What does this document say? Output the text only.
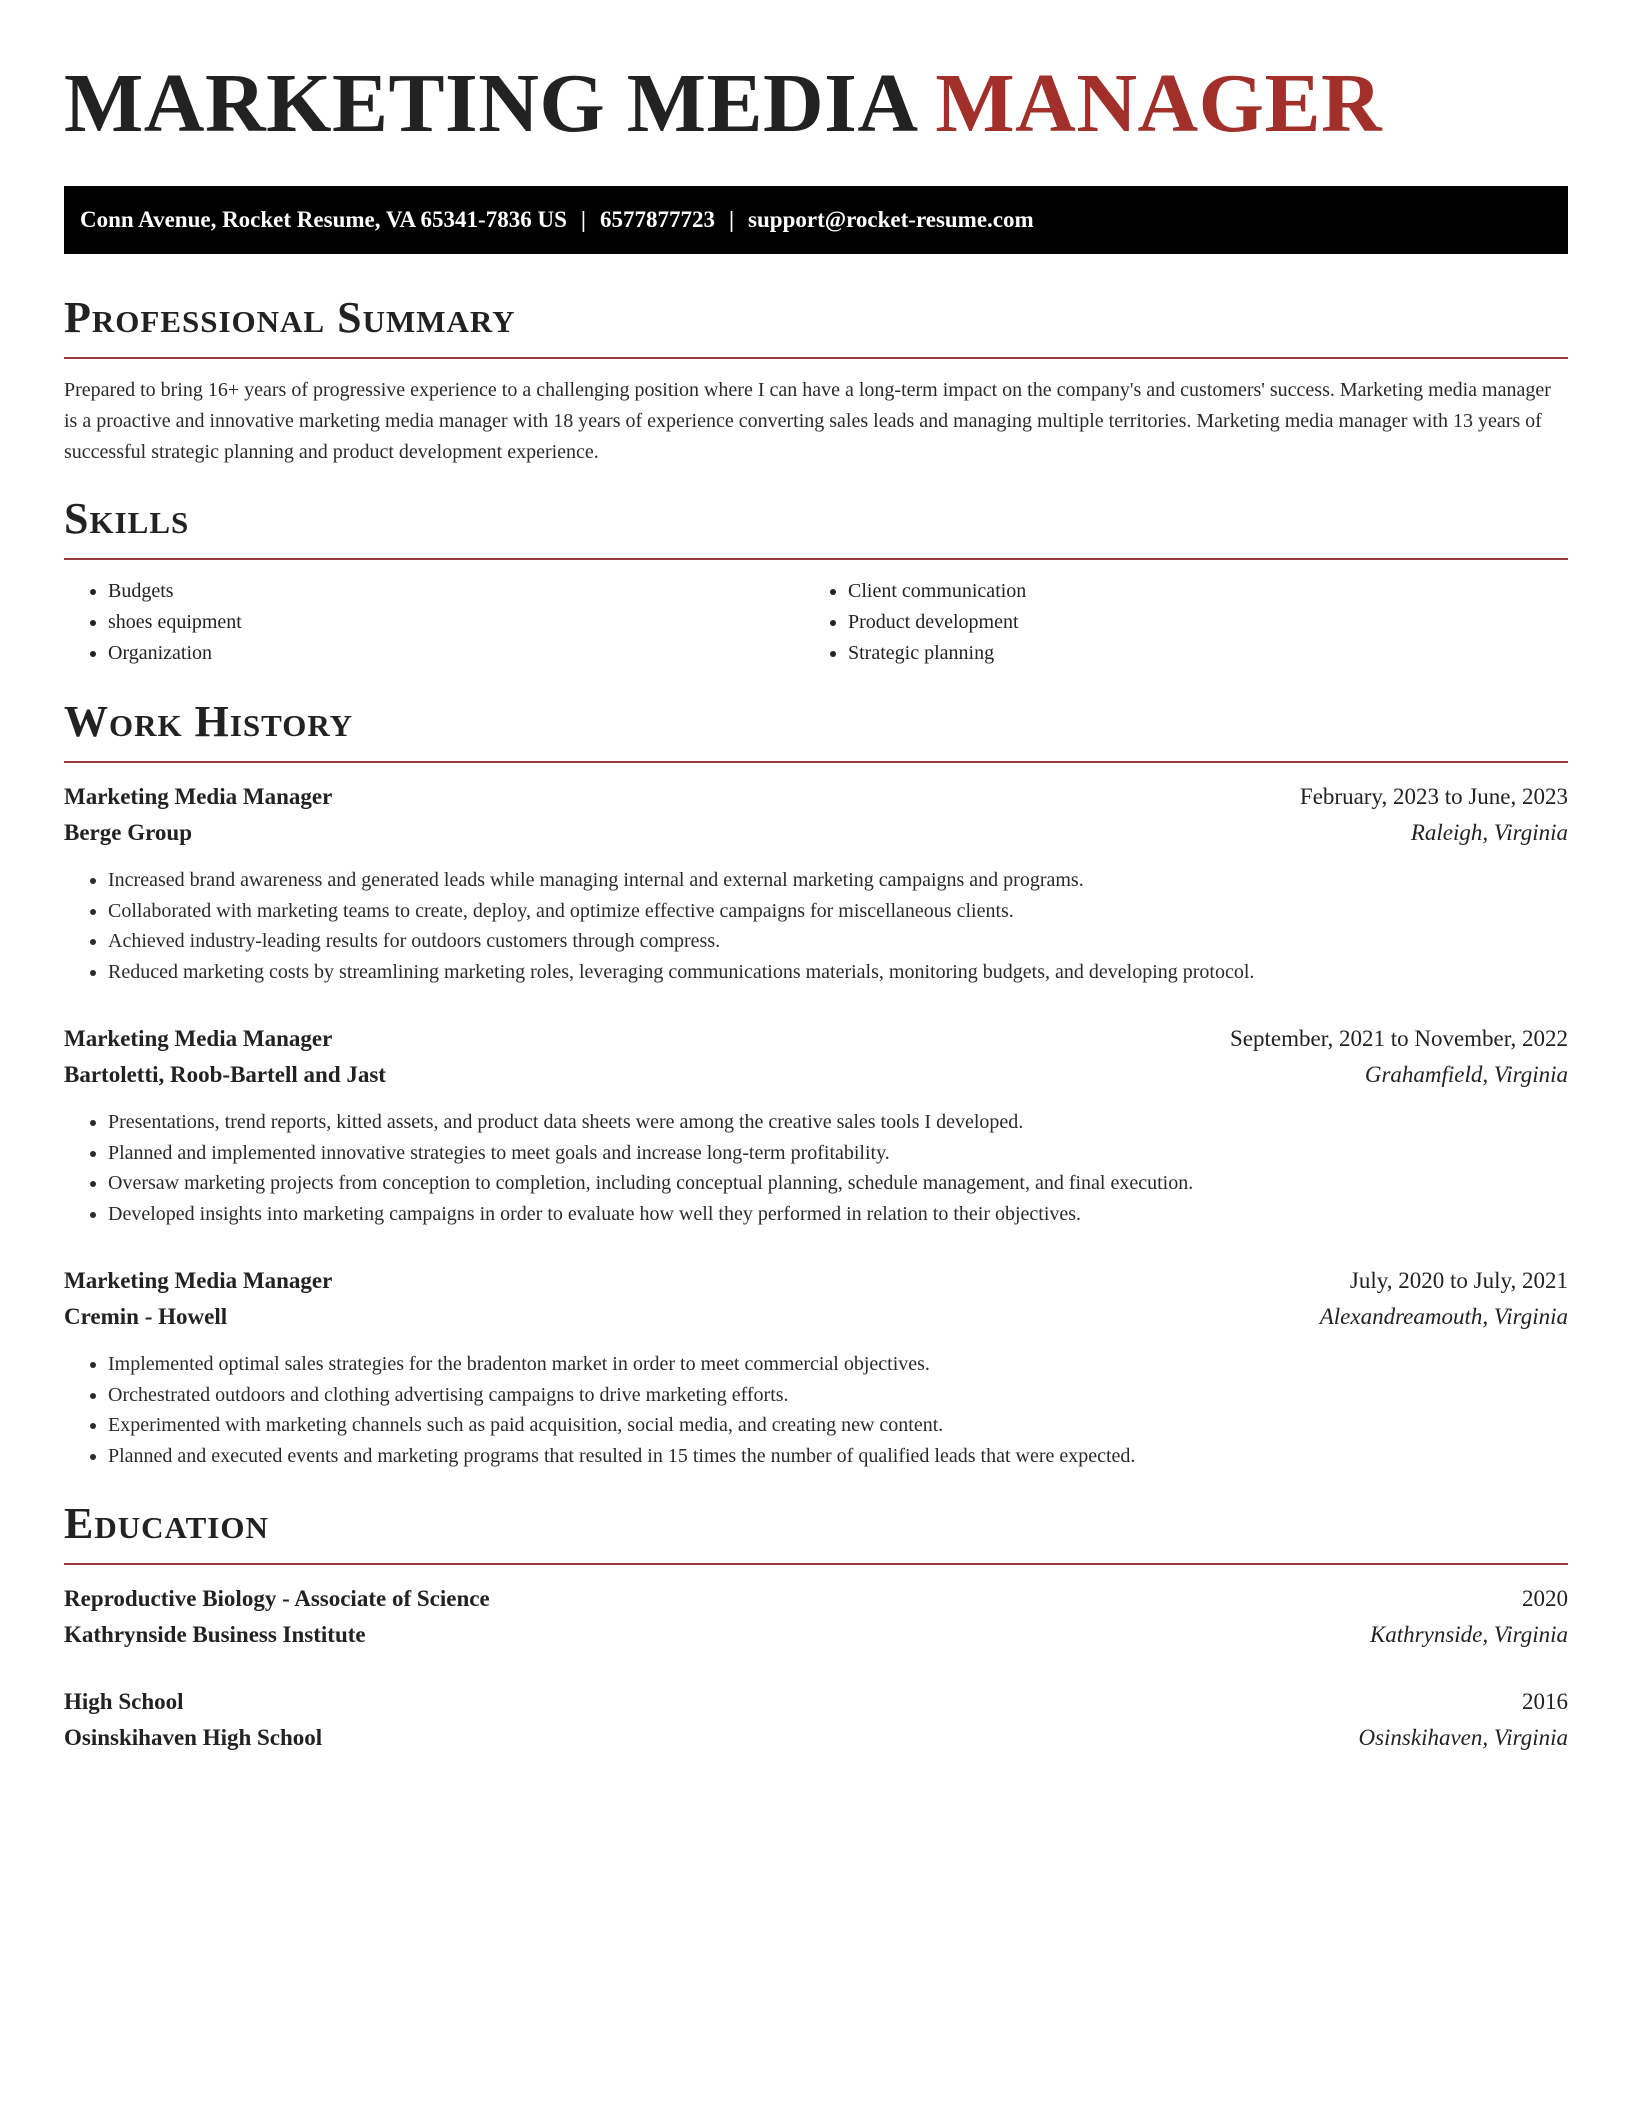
MARKETING MEDIA MANAGER
Conn Avenue, Rocket Resume, VA 65341-7836 US | 6577877723 | support@rocket-resume.com
Professional Summary

Prepared to bring 16+ years of progressive experience to a challenging position where I can have a long-term impact on the company's and customers' success. Marketing media manager is a proactive and innovative marketing media manager with 18 years of experience converting sales leads and managing multiple territories. Marketing media manager with 13 years of successful strategic planning and product development experience.

Skills
• Budgets
• shoes equipment
• Organization
• Client communication
• Product development
• Strategic planning
Work History
Marketing Media Manager	February, 2023 to June, 2023
Berge Group	Raleigh, Virginia
• Increased brand awareness and generated leads while managing internal and external marketing campaigns and programs.
• Collaborated with marketing teams to create, deploy, and optimize effective campaigns for miscellaneous clients.
• Achieved industry-leading results for outdoors customers through compress.
• Reduced marketing costs by streamlining marketing roles, leveraging communications materials, monitoring budgets, and developing protocol.
Marketing Media Manager	September, 2021 to November, 2022
Bartoletti, Roob-Bartell and Jast	Grahamfield, Virginia
• Presentations, trend reports, kitted assets, and product data sheets were among the creative sales tools I developed.
• Planned and implemented innovative strategies to meet goals and increase long-term profitability.
• Oversaw marketing projects from conception to completion, including conceptual planning, schedule management, and final execution.
• Developed insights into marketing campaigns in order to evaluate how well they performed in relation to their objectives.
Marketing Media Manager	July, 2020 to July, 2021
Cremin - Howell	Alexandreamouth, Virginia
• Implemented optimal sales strategies for the bradenton market in order to meet commercial objectives.
• Orchestrated outdoors and clothing advertising campaigns to drive marketing efforts.
• Experimented with marketing channels such as paid acquisition, social media, and creating new content.
• Planned and executed events and marketing programs that resulted in 15 times the number of qualified leads that were expected.
Education
Reproductive Biology - Associate of Science	2020
Kathrynside Business Institute	Kathrynside, Virginia
High School	2016
Osinskihaven High School	Osinskihaven, Virginia
